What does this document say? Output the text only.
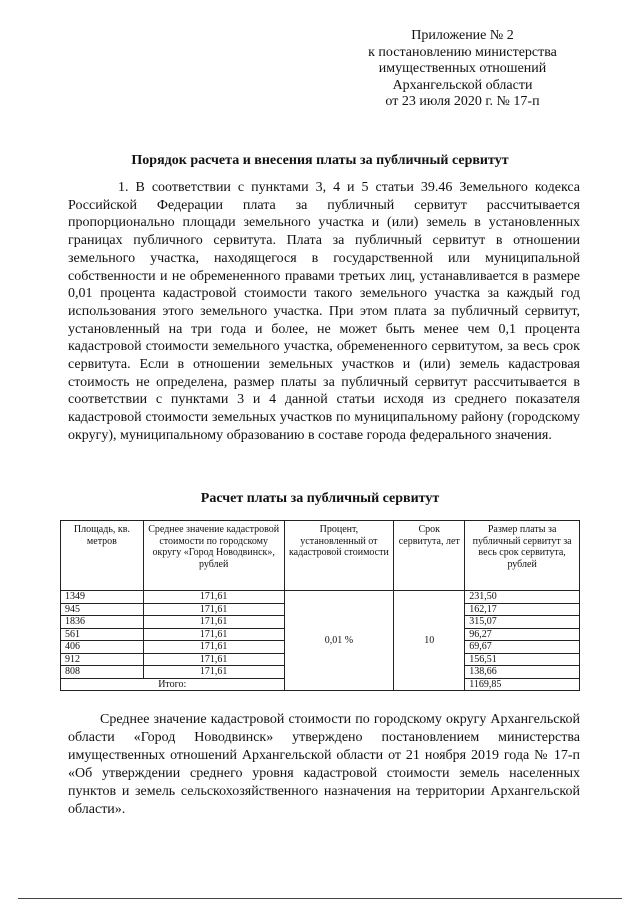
Приложение № 2
к постановлению министерства
имущественных отношений
Архангельской области
от 23 июля 2020 г. № 17-п
Порядок расчета и внесения платы за публичный сервитут

1. В соответствии с пунктами 3, 4 и 5 статьи 39.46 Земельного кодекса Российской Федерации плата за публичный сервитут рассчитывается пропорционально площади земельного участка и (или) земель в установленных границах публичного сервитута. Плата за публичный сервитут в отношении земельного участка, находящегося в государственной или муниципальной собственности и не обремененного правами третьих лиц, устанавливается в размере 0,01 процента кадастровой стоимости такого земельного участка за каждый год использования этого земельного участка. При этом плата за публичный сервитут, установленный на три года и более, не может быть менее чем 0,1 процента кадастровой стоимости земельного участка, обремененного сервитутом, за весь срок сервитута. Если в отношении земельных участков и (или) земель кадастровая стоимость не определена, размер платы за публичный сервитут рассчитывается в соответствии с пунктами 3 и 4 данной статьи исходя из среднего показателя кадастровой стоимости земельных участков по муниципальному району (городскому округу), муниципальному образованию в составе города федерального значения.

Расчет платы за публичный сервитут
Площадь, кв. метров	Среднее значение кадастровой стоимости по городскому округу «Город Новодвинск», рублей	Процент, установленный от кадастровой стоимости	Срок сервитута, лет	Размер платы за публичный сервитут за весь срок сервитута, рублей
1349	171,61	0,01 %	10	231,50
945	171,61			162,17
1836	171,61			315,07
561	171,61			96,27
406	171,61			69,67
912	171,61			156,51
808	171,61			138,66
Итого:				1169,85

Среднее значение кадастровой стоимости по городскому округу Архангельской области «Город Новодвинск» утверждено постановлением министерства имущественных отношений Архангельской области от 21 ноября 2019 года № 17-п «Об утверждении среднего уровня кадастровой стоимости земель населенных пунктов и земель сельскохозяйственного назначения на территории Архангельской области».
